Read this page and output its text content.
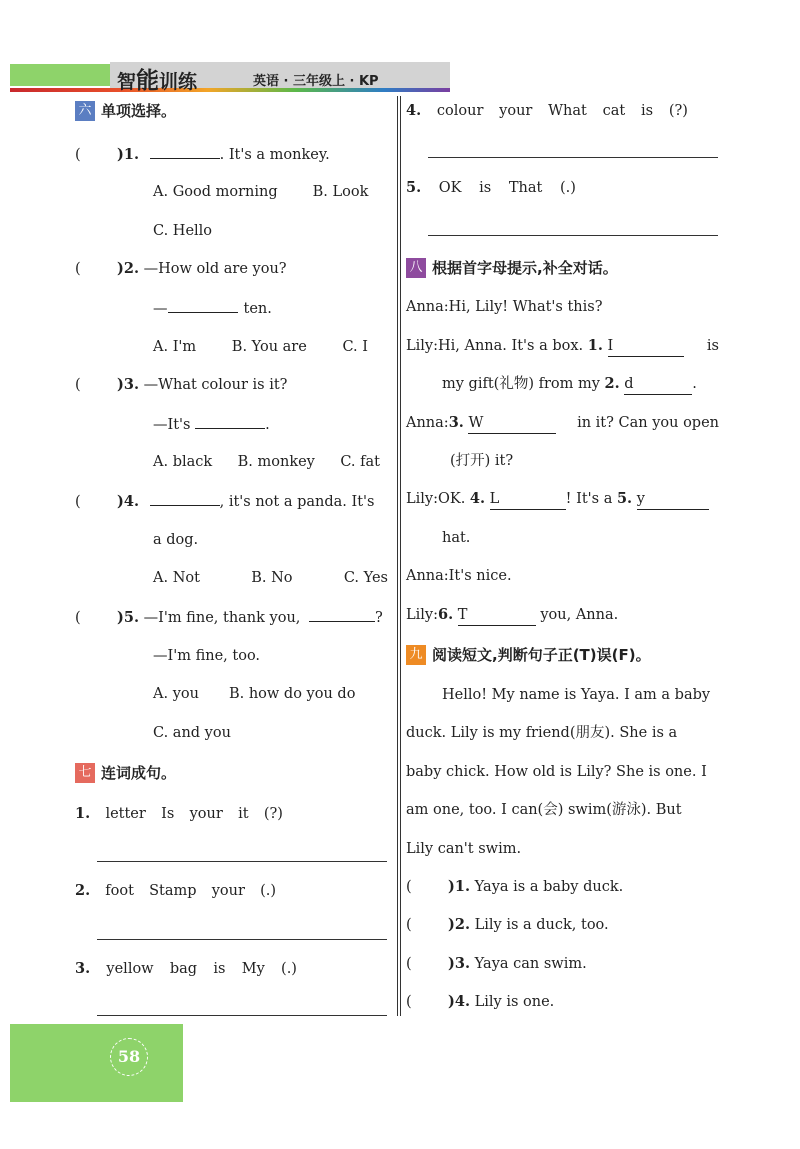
智能训练	英语 · 三年级上 · KP
六 单项选择。
(	)1.	. It's a monkey.
A. Good morning B. Look
C. Hello
(	)2. —How old are you?
—	ten.
A. I'm B. You are C. I
(	)3. —What colour is it?
—It's	.
A. black B. monkey C. fat
(	)4.	, it's not a panda. It's
a dog.
A. Not	B. No	C. Yes
(	)5. —I'm fine, thank you,	?
—I'm fine, too.
A. you B. how do you do
C. and you
七 连词成句。
1. letter Is your it (?)
2. foot Stamp your (.)
3. yellow bag is My (.)
4. colour your What cat is (?)
5. OK is That (.)
八 根据首字母提示,补全对话。
Anna:Hi, Lily! What's this?
Lily:Hi, Anna. It's a box. 1. I	is
my gift(礼物) from my 2. d	.
Anna:3. W	in it? Can you open
(打开) it?
Lily:OK. 4. L	! It's a 5. y
hat.
Anna:It's nice.
Lily:6. T	you, Anna.
九 阅读短文,判断句子正(T)误(F)。
Hello! My name is Yaya. I am a baby
duck. Lily is my friend(朋友). She is a
baby chick. How old is Lily? She is one. I
am one, too. I can(会) swim(游泳). But
Lily can't swim.
(	)1. Yaya is a baby duck.
(	)2. Lily is a duck, too.
(	)3. Yaya can swim.
(	)4. Lily is one.
58
